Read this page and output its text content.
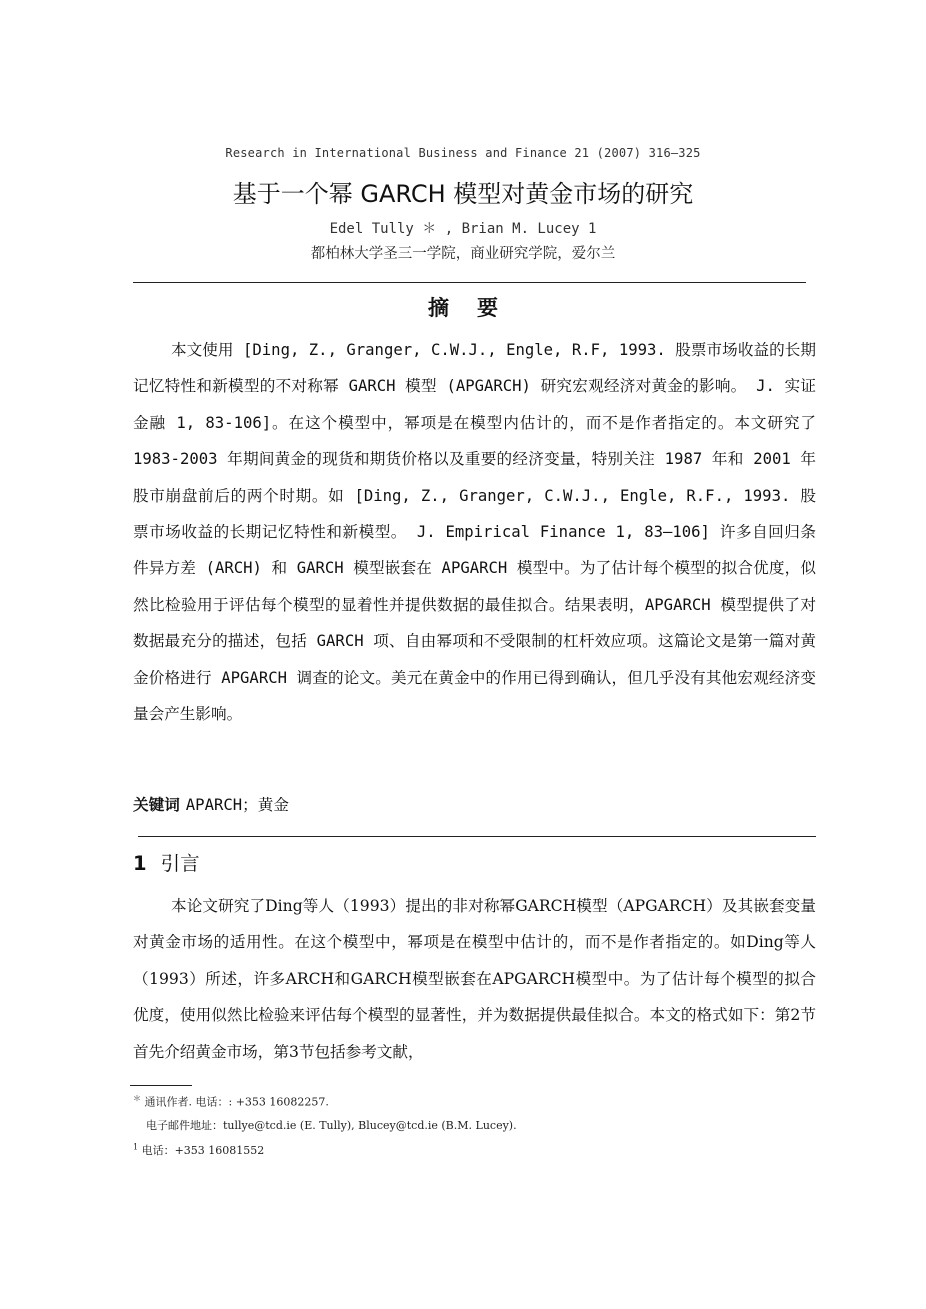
Research in International Business and Finance 21 (2007) 316–325
基于一个幂 GARCH 模型对黄金市场的研究
Edel Tully ＊ , Brian M. Lucey 1
都柏林大学圣三一学院，商业研究学院，爱尔兰
摘要
本文使用 [Ding, Z., Granger, C.W.J., Engle, R.F, 1993. 股票市场收益的长期记忆特性和新模型的不对称幂 GARCH 模型 (APGARCH) 研究宏观经济对黄金的影响。 J. 实证金融 1, 83-106]。在这个模型中，幂项是在模型内估计的，而不是作者指定的。本文研究了 1983-2003 年期间黄金的现货和期货价格以及重要的经济变量，特别关注 1987 年和 2001 年股市崩盘前后的两个时期。如 [Ding, Z., Granger, C.W.J., Engle, R.F., 1993. 股票市场收益的长期记忆特性和新模型。 J. Empirical Finance 1, 83–106] 许多自回归条件异方差 (ARCH) 和 GARCH 模型嵌套在 APGARCH 模型中。为了估计每个模型的拟合优度，似然比检验用于评估每个模型的显着性并提供数据的最佳拟合。结果表明，APGARCH 模型提供了对数据最充分的描述，包括 GARCH 项、自由幂项和不受限制的杠杆效应项。这篇论文是第一篇对黄金价格进行 APGARCH 调查的论文。美元在黄金中的作用已得到确认，但几乎没有其他宏观经济变量会产生影响。
关键词 APARCH；黄金
1 引言
本论文研究了Ding等人（1993）提出的非对称幂GARCH模型（APGARCH）及其嵌套变量对黄金市场的适用性。在这个模型中，幂项是在模型中估计的，而不是作者指定的。如Ding等人（1993）所述，许多ARCH和GARCH模型嵌套在APGARCH模型中。为了估计每个模型的拟合优度，使用似然比检验来评估每个模型的显著性，并为数据提供最佳拟合。本文的格式如下：第2节首先介绍黄金市场，第3节包括参考文献，
＊ 通讯作者. 电话：: +353 16082257.
电子邮件地址：tullye@tcd.ie (E. Tully), Blucey@tcd.ie (B.M. Lucey).
$^1$ 电话：+353 16081552
